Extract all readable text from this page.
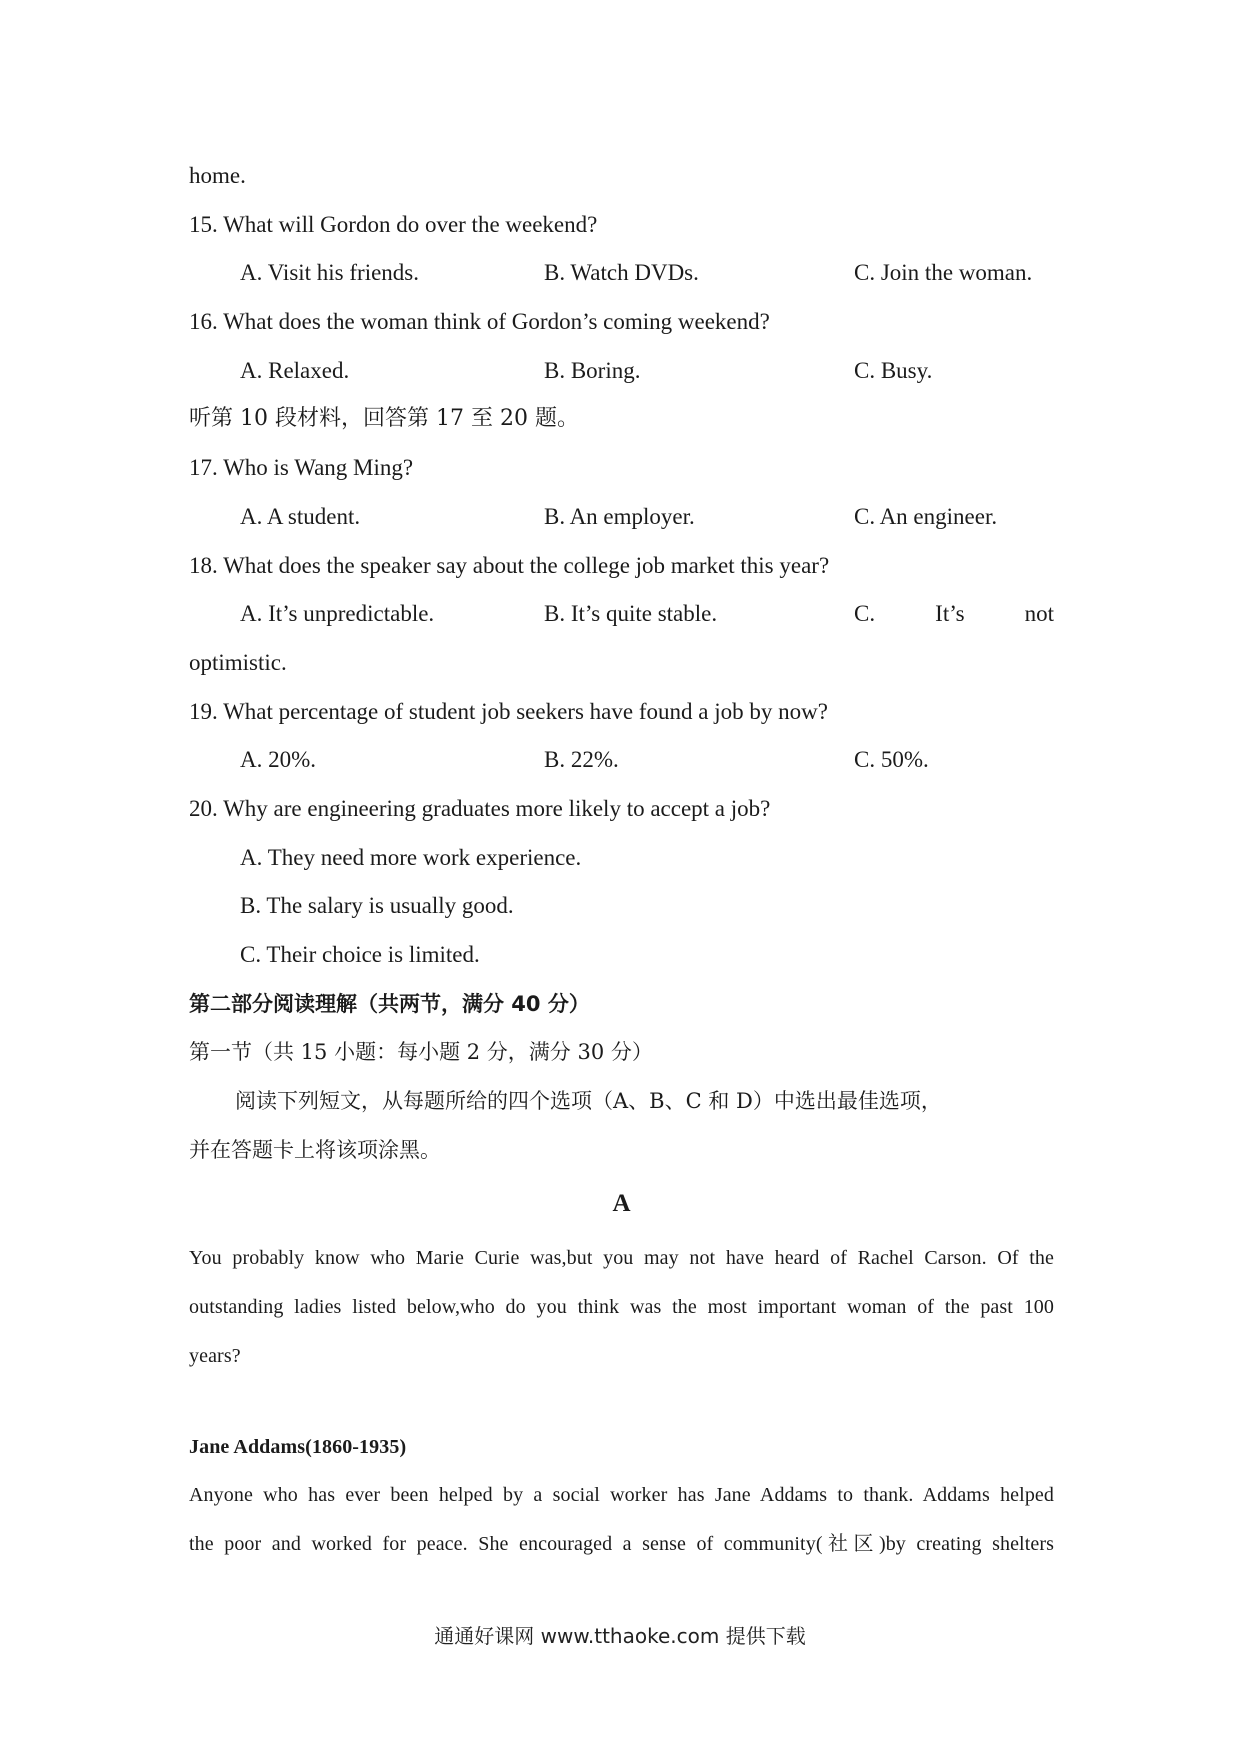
home.
15. What will Gordon do over the weekend?
A. Visit his friends.	B. Watch DVDs.	C. Join the woman.
16. What does the woman think of Gordon’s coming weekend?
A. Relaxed.	B. Boring.	C. Busy.
听第 10 段材料，回答第 17 至 20 题。
17. Who is Wang Ming?
A. A student.	B. An employer.	C. An engineer.
18. What does the speaker say about the college job market this year?
A. It’s unpredictable.	B. It’s quite stable.	C.	It’s	not
optimistic.
19. What percentage of student job seekers have found a job by now?
A. 20%.	B. 22%.	C. 50%.
20. Why are engineering graduates more likely to accept a job?
A. They need more work experience.
B. The salary is usually good.
C. Their choice is limited.
第二部分阅读理解（共两节，满分 40 分）
第一节（共 15 小题：每小题 2 分，满分 30 分）
阅读下列短文，从每题所给的四个选项（A、B、C 和 D）中选出最佳选项，
并在答题卡上将该项涂黑。
A
You probably know who Marie Curie was,but you may not have heard of Rachel Carson. Of the
outstanding ladies listed below,who do you think was the most important woman of the past 100
years?
Jane Addams(1860-1935)
Anyone who has ever been helped by a social worker has Jane Addams to thank. Addams helped
the poor and worked for peace. She encouraged a sense of community(社区)by creating shelters
通通好课网 www.tthaoke.com 提供下载
